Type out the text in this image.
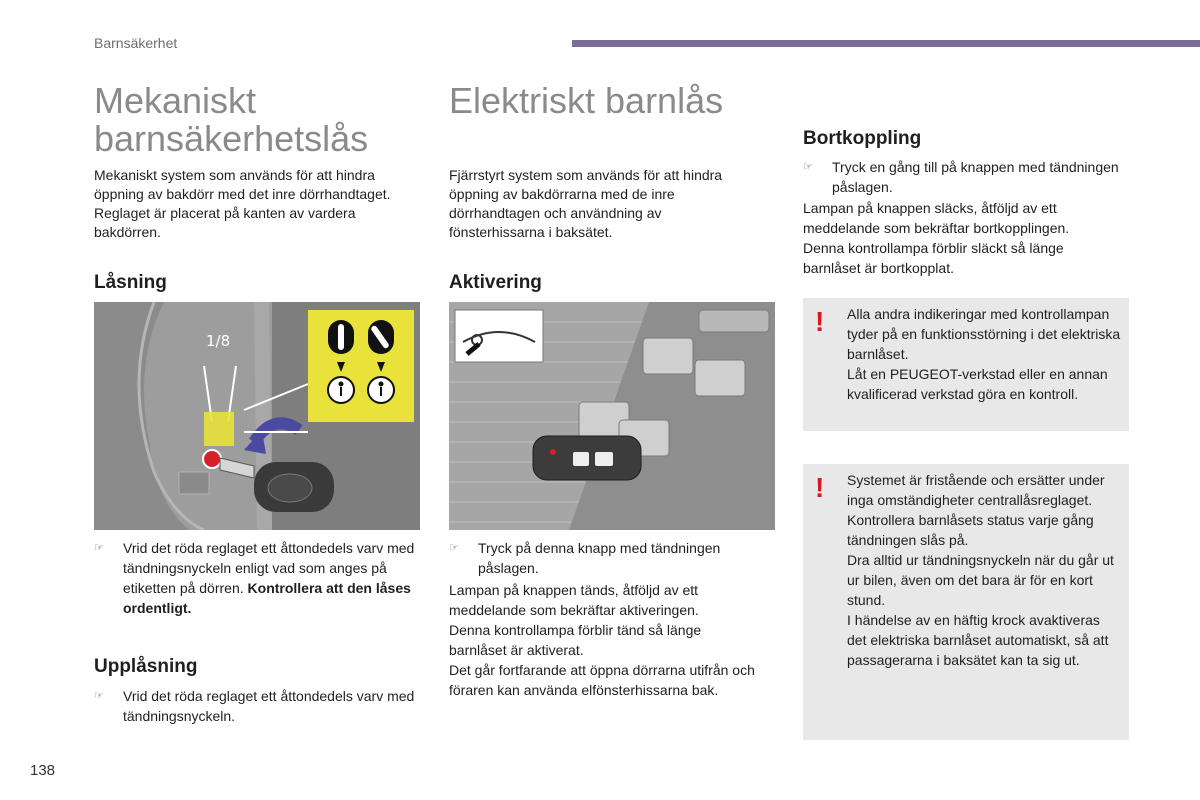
Barnsäkerhet
Mekaniskt
barnsäkerhetslås
Mekaniskt system som används för att hindra öppning av bakdörr med det inre dörrhandtaget.
Reglaget är placerat på kanten av vardera bakdörren.
Låsning
1/8
☞	Vrid det röda reglaget ett åttondedels varv med tändningsnyckeln enligt vad som anges på etiketten på dörren. Kontrollera att den låses ordentligt.
Upplåsning
☞	Vrid det röda reglaget ett åttondedels varv med tändningsnyckeln.
Elektriskt barnlås
Fjärrstyrt system som används för att hindra öppning av bakdörrarna med de inre dörrhandtagen och användning av fönsterhissarna i baksätet.
Aktivering
☞	Tryck på denna knapp med tändningen påslagen.
Lampan på knappen tänds, åtföljd av ett meddelande som bekräftar aktiveringen.
Denna kontrollampa förblir tänd så länge barnlåset är aktiverat.
Det går fortfarande att öppna dörrarna utifrån och föraren kan använda elfönsterhissarna bak.
Bortkoppling
☞	Tryck en gång till på knappen med tändningen påslagen.
Lampan på knappen släcks, åtföljd av ett meddelande som bekräftar bortkopplingen.
Denna kontrollampa förblir släckt så länge barnlåset är bortkopplat.
! Alla andra indikeringar med kontrollampan tyder på en funktionsstörning i det elektriska barnlåset.
Låt en PEUGEOT-verkstad eller en annan kvalificerad verkstad göra en kontroll.
! Systemet är fristående och ersätter under inga omständigheter centrallåsreglaget.
Kontrollera barnlåsets status varje gång tändningen slås på.
Dra alltid ur tändningsnyckeln när du går ut ur bilen, även om det bara är för en kort stund.
I händelse av en häftig krock avaktiveras det elektriska barnlåset automatiskt, så att passagerarna i baksätet kan ta sig ut.
138
